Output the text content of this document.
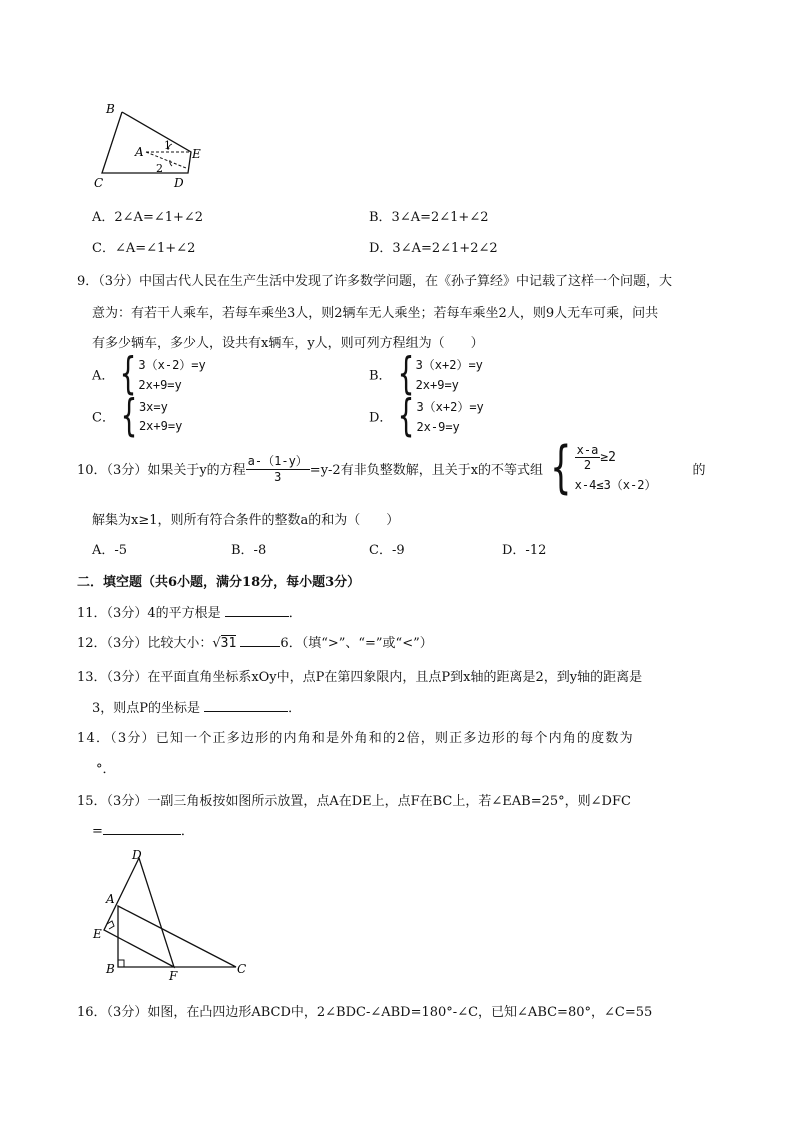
B
A	E
C	D
1
2
A．2∠A=∠1+∠2	B．3∠A=2∠1+∠2
C．∠A=∠1+∠2	D．3∠A=2∠1+2∠2
9．（3分）中国古代人民在生产生活中发现了许多数学问题，在《孙子算经》中记载了这样一个问题，大
意为：有若干人乘车，若每车乘坐3人，则2辆车无人乘坐；若每车乘坐2人，则9人无车可乘，问共
有多少辆车，多少人，设共有x辆车，y人，则可列方程组为（　　）
A． { 3（x-2）=y
2x+9=y
B． { 3（x+2）=y
2x+9=y
C． { 3x=y
2x+9=y	D． { 3（x+2）=y
2x-9=y
10．（3分）如果关于y的方程 $\frac{a-(1-y)}{3} =y-2$有非负整数解，且关于x的不等式组 { $\frac{x-a}{2} \ge 2$
x-4≤3（x-2）
的
解集为x≥1，则所有符合条件的整数a的和为（　　）
A．-5	B．-8	C．-9	D．-12
二．填空题（共6小题，满分18分，每小题3分）
11．（3分）4的平方根是	．
12．（3分）比较大小：√31	6．（填“>”、“=”或“<”）
13．（3分）在平面直角坐标系xOy中，点P在第四象限内，且点P到x轴的距离是2，到y轴的距离是
3，则点P的坐标是	．
14．（3分）已知一个正多边形的内角和是外角和的2倍，则正多边形的每个内角的度数为
°．
15．（3分）一副三角板按如图所示放置，点A在DE上，点F在BC上，若∠EAB=25°，则∠DFC
=	．
D
A
E
B	F	C
16．（3分）如图，在凸四边形ABCD中，2∠BDC-∠ABD=180°-∠C，已知∠ABC=80°，∠C=55
